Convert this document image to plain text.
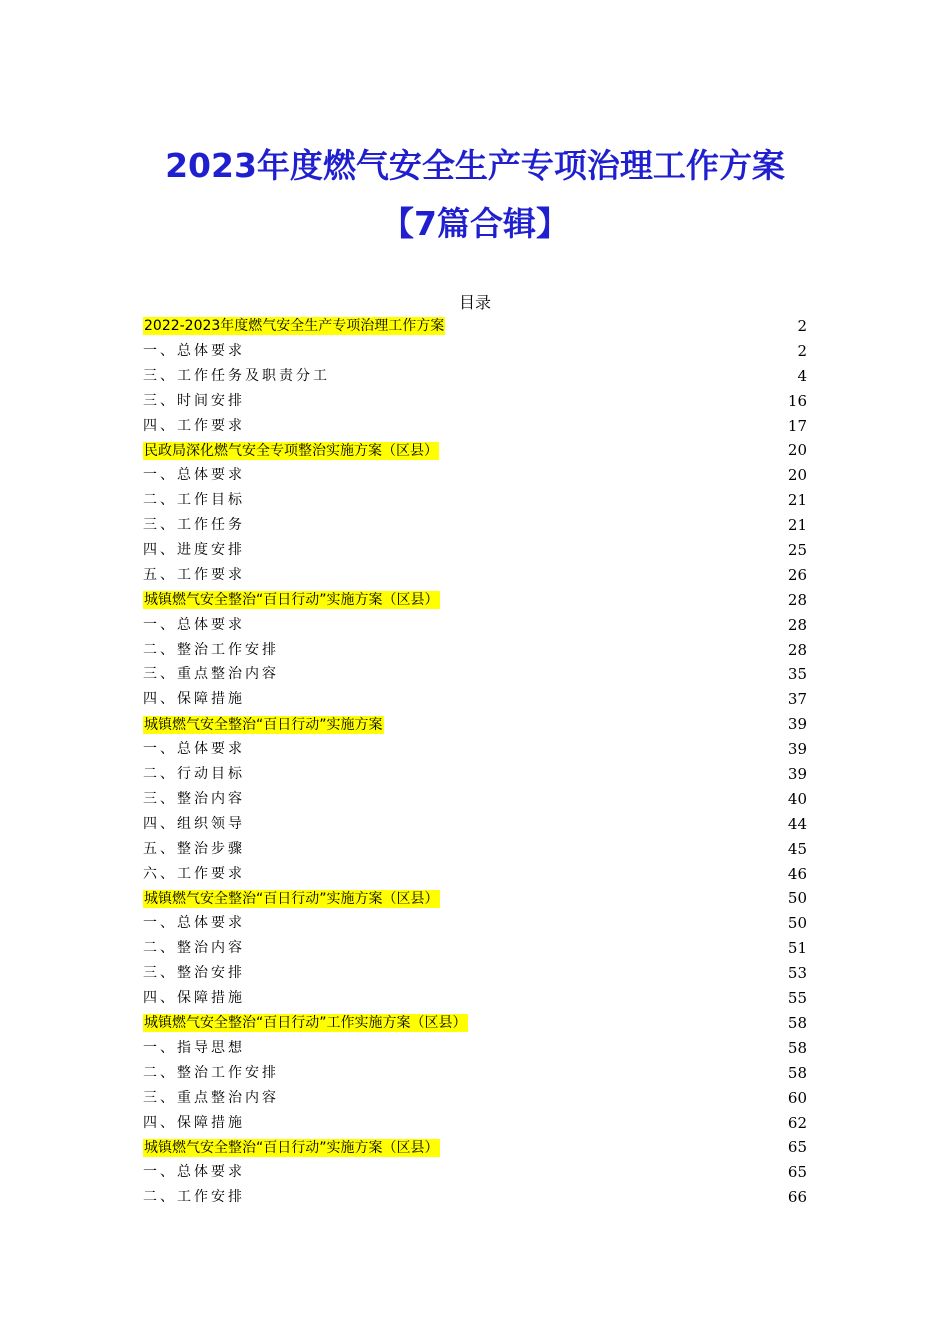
2023年度燃气安全生产专项治理工作方案
【7篇合辑】
目录
2022-2023年度燃气安全生产专项治理工作方案	2
一、总体要求	2
三、工作任务及职责分工	4
三、时间安排	16
四、工作要求	17
民政局深化燃气安全专项整治实施方案（区县）	20
一、总体要求	20
二、工作目标	21
三、工作任务	21
四、进度安排	25
五、工作要求	26
城镇燃气安全整治“百日行动”实施方案（区县）	28
一、总体要求	28
二、整治工作安排	28
三、重点整治内容	35
四、保障措施	37
城镇燃气安全整治“百日行动”实施方案	39
一、总体要求	39
二、行动目标	39
三、整治内容	40
四、组织领导	44
五、整治步骤	45
六、工作要求	46
城镇燃气安全整治“百日行动”实施方案（区县）	50
一、总体要求	50
二、整治内容	51
三、整治安排	53
四、保障措施	55
城镇燃气安全整治“百日行动”工作实施方案（区县）	58
一、指导思想	58
二、整治工作安排	58
三、重点整治内容	60
四、保障措施	62
城镇燃气安全整治“百日行动”实施方案（区县）	65
一、总体要求	65
二、工作安排	66
